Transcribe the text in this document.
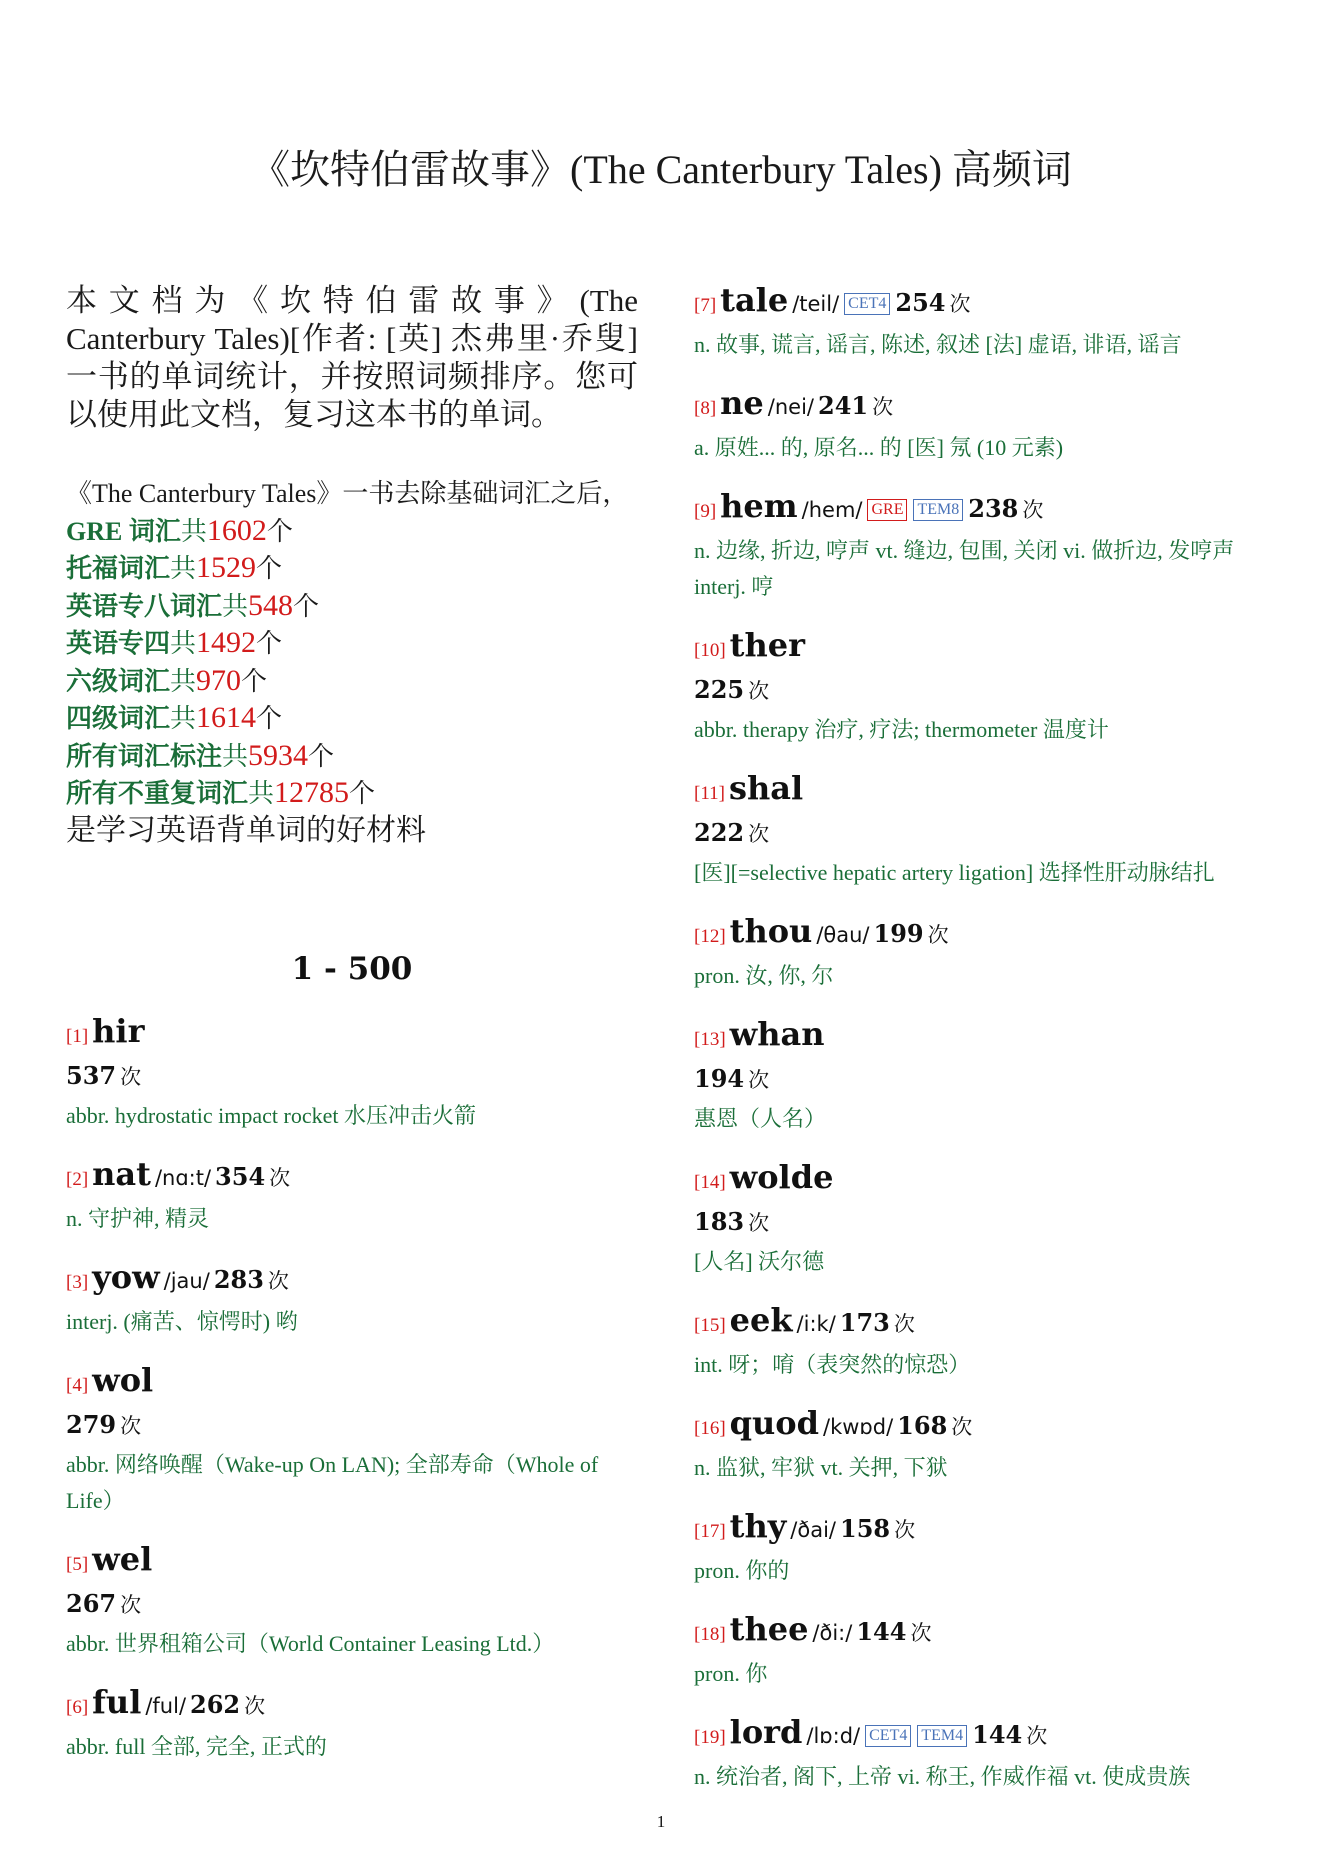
《坎特伯雷故事》(The Canterbury Tales) 高频词
本文档为《坎特伯雷故事》(The Canterbury Tales)[作者: [英] 杰弗里·乔叟] 一书的单词统计，并按照词频排序。您可以使用此文档，复习这本书的单词。
《The Canterbury Tales》一书去除基础词汇之后，
GRE 词汇共1602个
托福词汇共1529个
英语专八词汇共548个
英语专四共1492个
六级词汇共970个
四级词汇共1614个
所有词汇标注共5934个
所有不重复词汇共12785个
是学习英语背单词的好材料
1 - 500
[1] hir
537 次
abbr. hydrostatic impact rocket 水压冲击火箭
[2] nat /nɑ:t/ 354 次
n. 守护神, 精灵
[3] yow /jau/ 283 次
interj. (痛苦、惊愕时) 哟
[4] wol
279 次
abbr. 网络唤醒（Wake-up On LAN); 全部寿命（Whole of Life）
[5] wel
267 次
abbr. 世界租箱公司（World Container Leasing Ltd.）
[6] ful /ful/ 262 次
abbr. full 全部, 完全, 正式的
[7] tale /teil/ CET4 254 次
n. 故事, 谎言, 谣言, 陈述, 叙述 [法] 虚语, 诽语, 谣言
[8] ne /nei/ 241 次
a. 原姓... 的, 原名... 的 [医] 氖 (10 元素)
[9] hem /hem/ GRE TEM8 238 次
n. 边缘, 折边, 哼声 vt. 缝边, 包围, 关闭 vi. 做折边, 发哼声 interj. 哼
[10] ther
225 次
abbr. therapy 治疗, 疗法; thermometer 温度计
[11] shal
222 次
[医][=selective hepatic artery ligation] 选择性肝动脉结扎
[12] thou /θau/ 199 次
pron. 汝, 你, 尔
[13] whan
194 次
惠恩（人名）
[14] wolde
183 次
[人名] 沃尔德
[15] eek /i:k/ 173 次
int. 呀；唷（表突然的惊恐）
[16] quod /kwɒd/ 168 次
n. 监狱, 牢狱 vt. 关押, 下狱
[17] thy /ðai/ 158 次
pron. 你的
[18] thee /ði:/ 144 次
pron. 你
[19] lord /lɒ:d/ CET4 TEM4 144 次
n. 统治者, 阁下, 上帝 vi. 称王, 作威作福 vt. 使成贵族
1
